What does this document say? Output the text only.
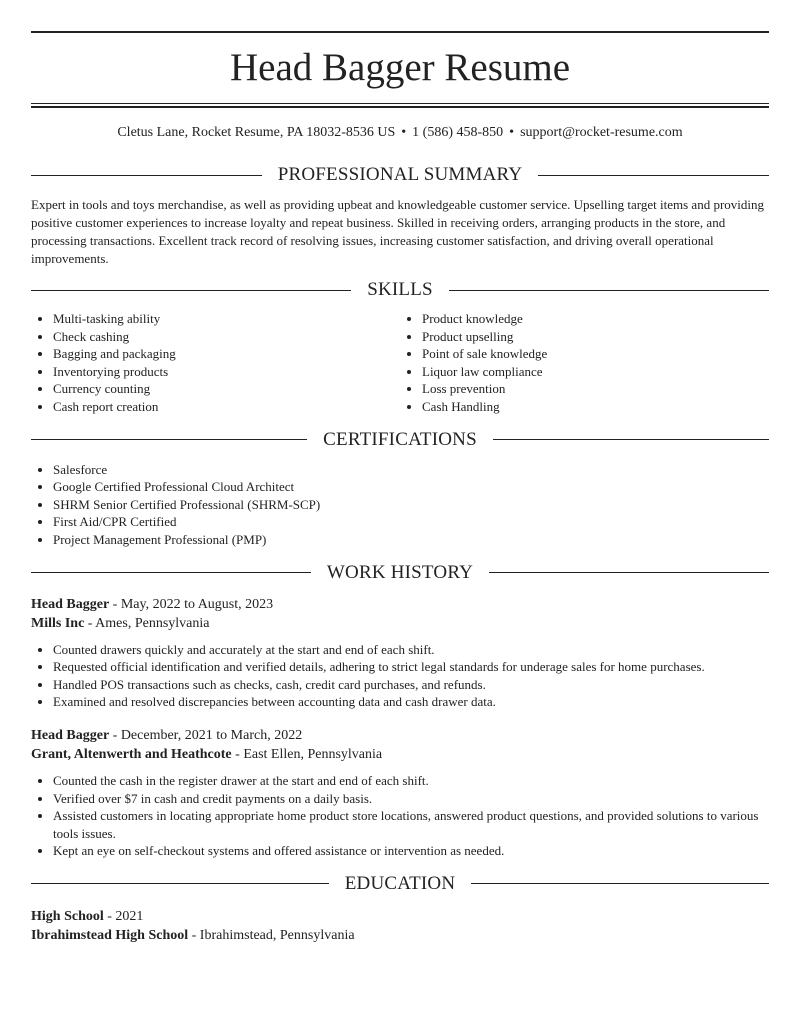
Head Bagger Resume
Cletus Lane, Rocket Resume, PA 18032-8536 US • 1 (586) 458-850 • support@rocket-resume.com
PROFESSIONAL SUMMARY

Expert in tools and toys merchandise, as well as providing upbeat and knowledgeable customer service. Upselling target items and providing positive customer experiences to increase loyalty and repeat business. Skilled in receiving orders, arranging products in the store, and processing transactions. Excellent track record of resolving issues, increasing customer satisfaction, and driving overall operational improvements.

SKILLS
• Multi-tasking ability
• Check cashing
• Bagging and packaging
• Inventorying products
• Currency counting
• Cash report creation
• Product knowledge
• Product upselling
• Point of sale knowledge
• Liquor law compliance
• Loss prevention
• Cash Handling
CERTIFICATIONS
• Salesforce
• Google Certified Professional Cloud Architect
• SHRM Senior Certified Professional (SHRM-SCP)
• First Aid/CPR Certified
• Project Management Professional (PMP)
WORK HISTORY
Head Bagger - May, 2022 to August, 2023
Mills Inc - Ames, Pennsylvania
• Counted drawers quickly and accurately at the start and end of each shift.
• Requested official identification and verified details, adhering to strict legal standards for underage sales for home purchases.
• Handled POS transactions such as checks, cash, credit card purchases, and refunds.
• Examined and resolved discrepancies between accounting data and cash drawer data.
Head Bagger - December, 2021 to March, 2022
Grant, Altenwerth and Heathcote - East Ellen, Pennsylvania
• Counted the cash in the register drawer at the start and end of each shift.
• Verified over $7 in cash and credit payments on a daily basis.
• Assisted customers in locating appropriate home product store locations, answered product questions, and provided solutions to various tools issues.
• Kept an eye on self-checkout systems and offered assistance or intervention as needed.
EDUCATION
High School - 2021
Ibrahimstead High School - Ibrahimstead, Pennsylvania
